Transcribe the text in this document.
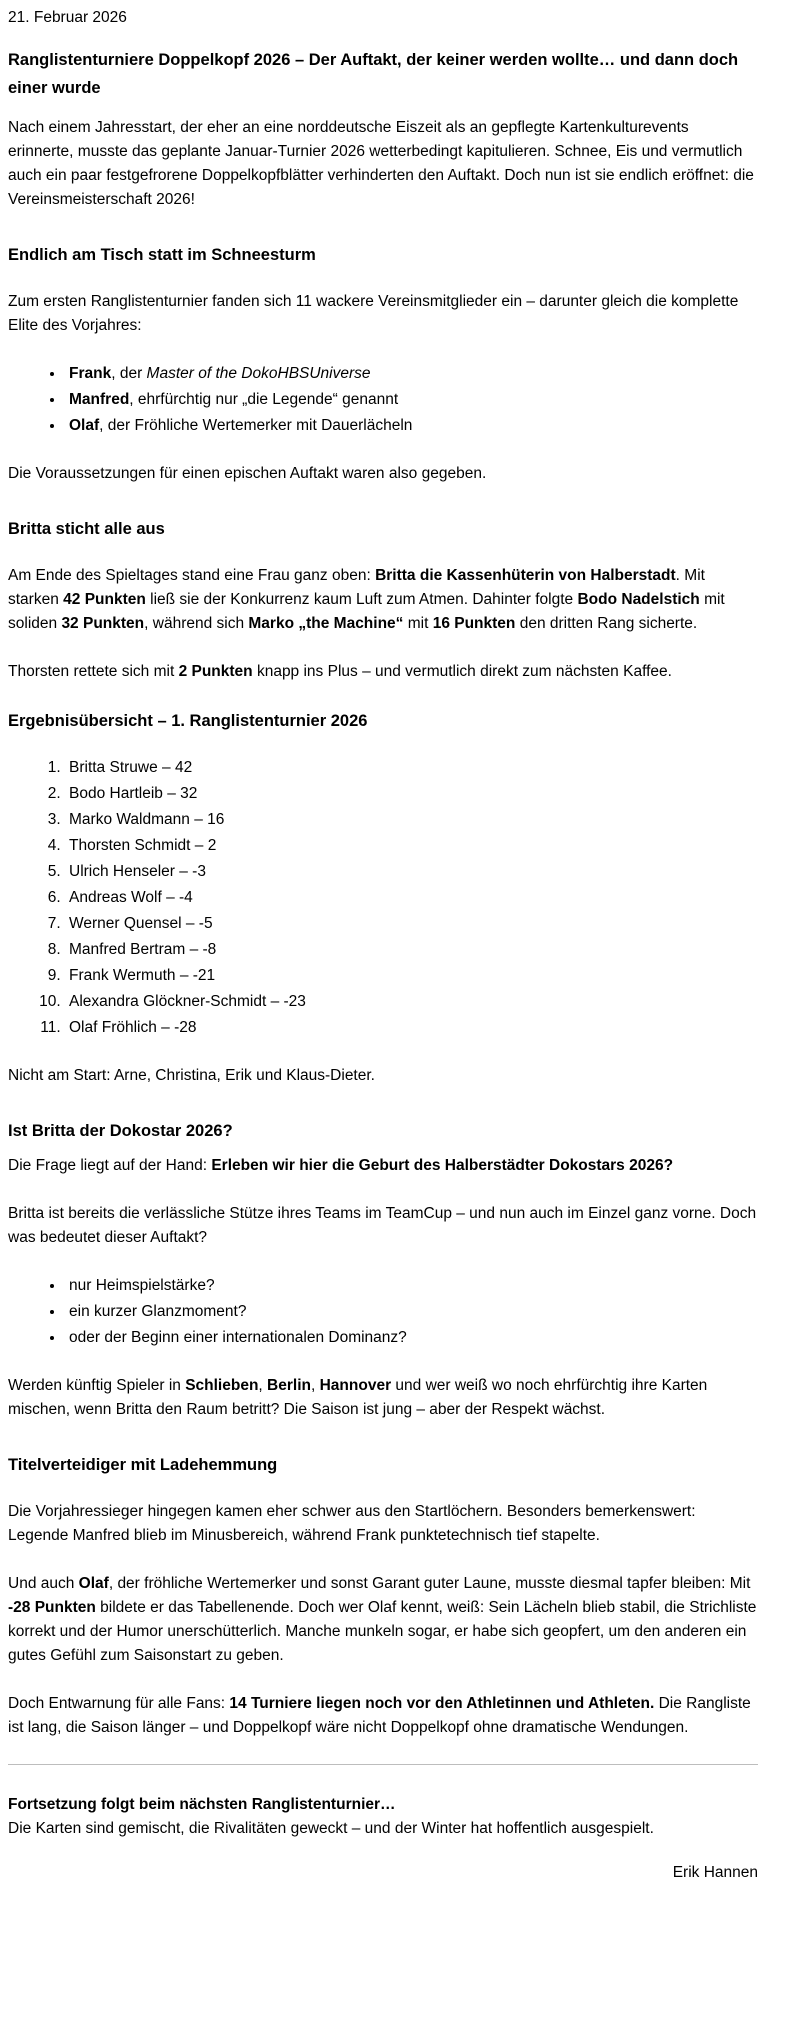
21. Februar 2026

Ranglistenturniere Doppelkopf 2026 – Der Auftakt, der keiner werden wollte… und dann doch einer wurde

Nach einem Jahresstart, der eher an eine norddeutsche Eiszeit als an gepflegte Kartenkulturevents erinnerte, musste das geplante Januar-Turnier 2026 wetterbedingt kapitulieren. Schnee, Eis und vermutlich auch ein paar festgefrorene Doppelkopfblätter verhinderten den Auftakt. Doch nun ist sie endlich eröffnet: die Vereinsmeisterschaft 2026!

Endlich am Tisch statt im Schneesturm

Zum ersten Ranglistenturnier fanden sich 11 wackere Vereinsmitglieder ein – darunter gleich die komplette Elite des Vorjahres:

• Frank, der Master of the DokoHBSUniverse
• Manfred, ehrfürchtig nur „die Legende“ genannt
• Olaf, der Fröhliche Wertemerker mit Dauerlächeln

Die Voraussetzungen für einen epischen Auftakt waren also gegeben.

Britta sticht alle aus

Am Ende des Spieltages stand eine Frau ganz oben: Britta die Kassenhüterin von Halberstadt. Mit starken 42 Punkten ließ sie der Konkurrenz kaum Luft zum Atmen. Dahinter folgte Bodo Nadelstich mit soliden 32 Punkten, während sich Marko „the Machine“ mit 16 Punkten den dritten Rang sicherte.

Thorsten rettete sich mit 2 Punkten knapp ins Plus – und vermutlich direkt zum nächsten Kaffee.

Ergebnisübersicht – 1. Ranglistenturnier 2026
1. Britta Struwe – 42
2. Bodo Hartleib – 32
3. Marko Waldmann – 16
4. Thorsten Schmidt – 2
5. Ulrich Henseler – -3
6. Andreas Wolf – -4
7. Werner Quensel – -5
8. Manfred Bertram – -8
9. Frank Wermuth – -21
10. Alexandra Glöckner-Schmidt – -23
11. Olaf Fröhlich – -28

Nicht am Start: Arne, Christina, Erik und Klaus-Dieter.

Ist Britta der Dokostar 2026?

Die Frage liegt auf der Hand: Erleben wir hier die Geburt des Halberstädter Dokostars 2026?

Britta ist bereits die verlässliche Stütze ihres Teams im TeamCup – und nun auch im Einzel ganz vorne. Doch was bedeutet dieser Auftakt?

• nur Heimspielstärke?
• ein kurzer Glanzmoment?
• oder der Beginn einer internationalen Dominanz?

Werden künftig Spieler in Schlieben, Berlin, Hannover und wer weiß wo noch ehrfürchtig ihre Karten mischen, wenn Britta den Raum betritt? Die Saison ist jung – aber der Respekt wächst.

Titelverteidiger mit Ladehemmung

Die Vorjahressieger hingegen kamen eher schwer aus den Startlöchern. Besonders bemerkenswert: Legende Manfred blieb im Minusbereich, während Frank punktetechnisch tief stapelte.

Und auch Olaf, der fröhliche Wertemerker und sonst Garant guter Laune, musste diesmal tapfer bleiben: Mit -28 Punkten bildete er das Tabellenende. Doch wer Olaf kennt, weiß: Sein Lächeln blieb stabil, die Strichliste korrekt und der Humor unerschütterlich. Manche munkeln sogar, er habe sich geopfert, um den anderen ein gutes Gefühl zum Saisonstart zu geben.

Doch Entwarnung für alle Fans: 14 Turniere liegen noch vor den Athletinnen und Athleten. Die Rangliste ist lang, die Saison länger – und Doppelkopf wäre nicht Doppelkopf ohne dramatische Wendungen.

Fortsetzung folgt beim nächsten Ranglistenturnier…
Die Karten sind gemischt, die Rivalitäten geweckt – und der Winter hat hoffentlich ausgespielt.

Erik Hannen
